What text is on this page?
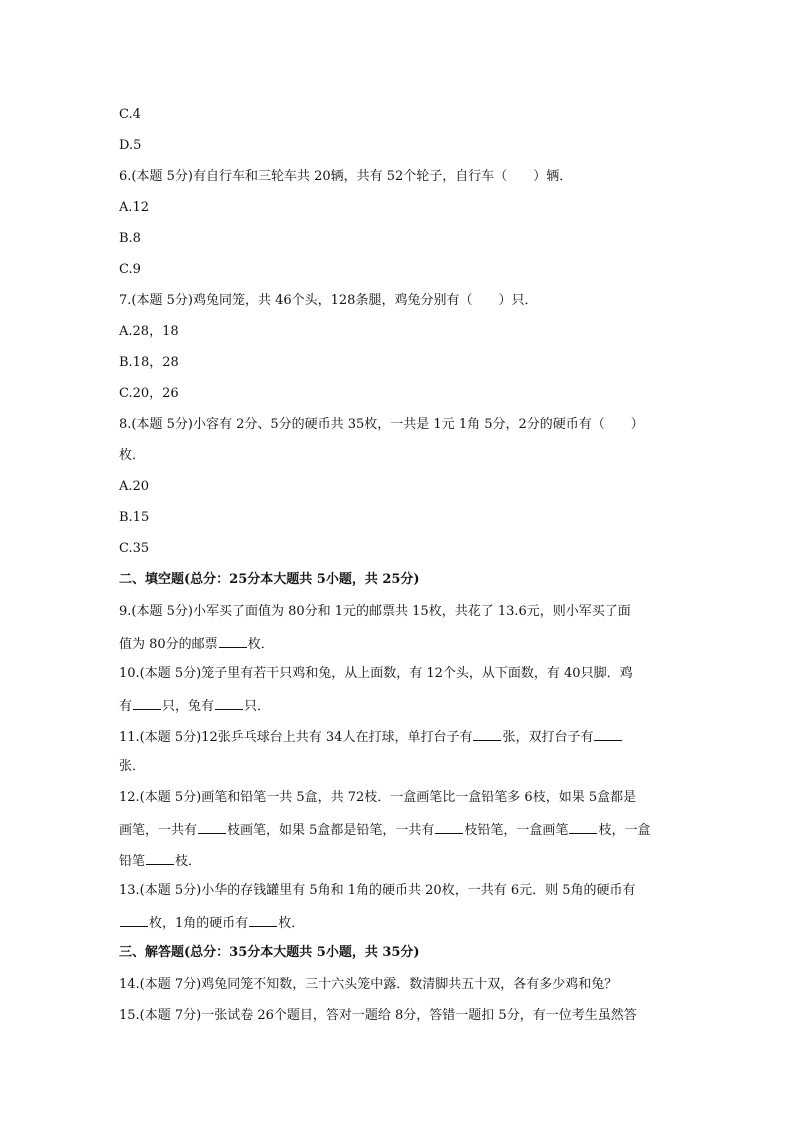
C.4
D.5
6.(本题 5分)有自行车和三轮车共 20辆，共有 52个轮子，自行车（　　）辆．
A.12
B.8
C.9
7.(本题 5分)鸡兔同笼，共 46个头，128条腿，鸡兔分别有（　　）只．
A.28，18
B.18，28
C.20，26
8.(本题 5分)小容有 2分、5分的硬币共 35枚，一共是 1元 1角 5分，2分的硬币有（　　）
枚．
A.20
B.15
C.35
二、填空题(总分：25分本大题共 5小题，共 25分)
9.(本题 5分)小军买了面值为 80分和 1元的邮票共 15枚，共花了 13.6元，则小军买了面
值为 80分的邮票 枚．
10.(本题 5分)笼子里有若干只鸡和兔，从上面数，有 12个头，从下面数，有 40只脚．鸡
有 只，兔有 只．
11.(本题 5分)12张乒乓球台上共有 34人在打球，单打台子有 张，双打台子有
张．
12.(本题 5分)画笔和铅笔一共 5盒，共 72枝．一盒画笔比一盒铅笔多 6枝，如果 5盒都是
画笔，一共有 枝画笔，如果 5盒都是铅笔，一共有 枝铅笔，一盒画笔 枝，一盒
铅笔 枝．
13.(本题 5分)小华的存钱罐里有 5角和 1角的硬币共 20枚，一共有 6元．则 5角的硬币有
枚，1角的硬币有 枚．
三、解答题(总分：35分本大题共 5小题，共 35分)
14.(本题 7分)鸡兔同笼不知数，三十六头笼中露．数清脚共五十双，各有多少鸡和兔？
15.(本题 7分)一张试卷 26个题目，答对一题给 8分，答错一题扣 5分，有一位考生虽然答
